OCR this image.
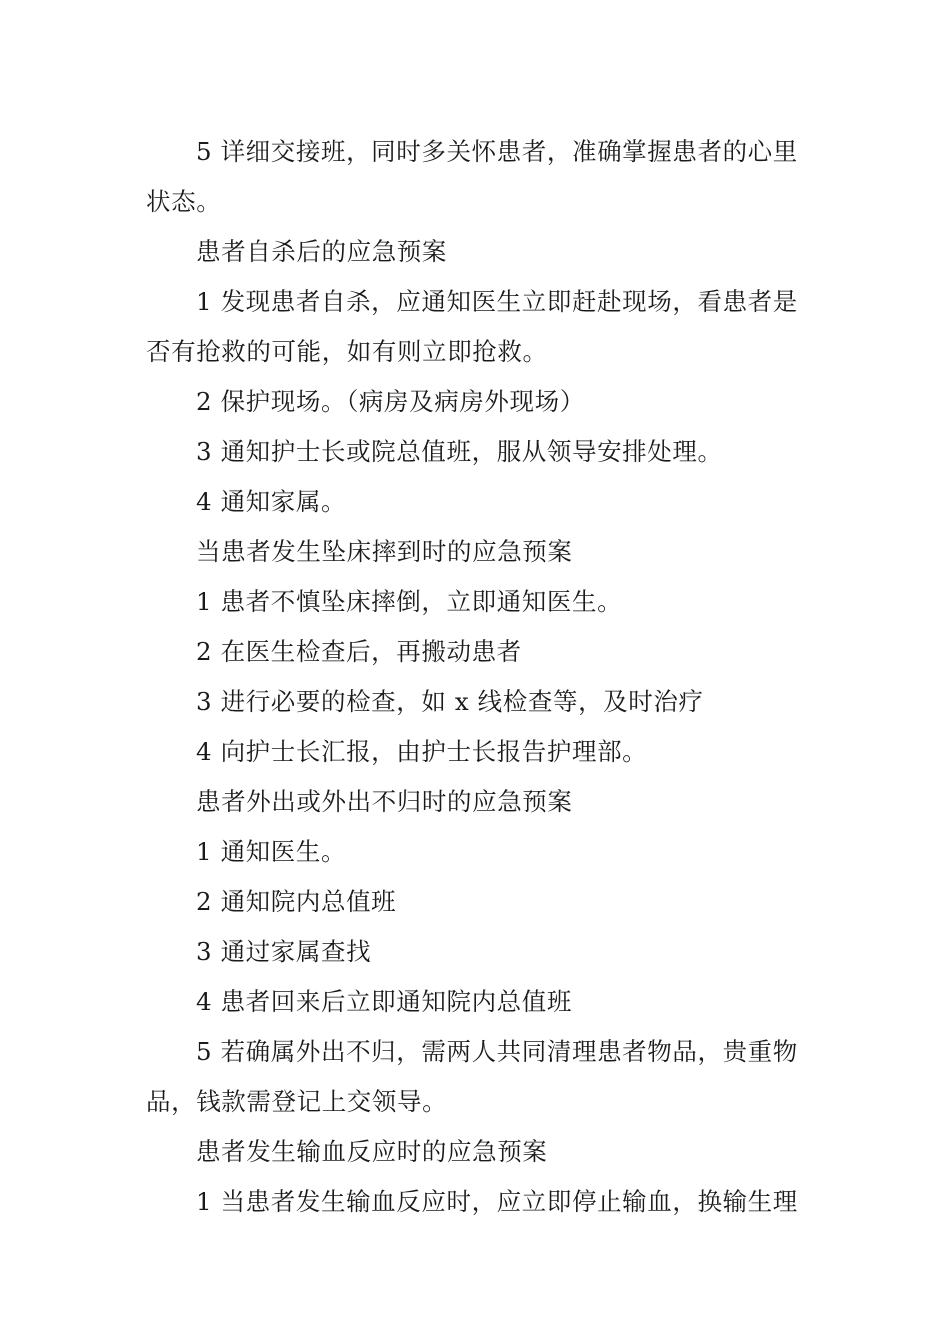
5 详细交接班，同时多关怀患者，准确掌握患者的心里状态。

患者自杀后的应急预案

1 发现患者自杀，应通知医生立即赶赴现场，看患者是否有抢救的可能，如有则立即抢救。

2 保护现场。（病房及病房外现场）

3 通知护士长或院总值班，服从领导安排处理。

4 通知家属。

当患者发生坠床摔到时的应急预案

1 患者不慎坠床摔倒，立即通知医生。

2 在医生检查后，再搬动患者

3 进行必要的检查，如 x 线检查等，及时治疗

4 向护士长汇报，由护士长报告护理部。

患者外出或外出不归时的应急预案

1 通知医生。

2 通知院内总值班

3 通过家属查找

4 患者回来后立即通知院内总值班

5 若确属外出不归，需两人共同清理患者物品，贵重物品，钱款需登记上交领导。

患者发生输血反应时的应急预案

1 当患者发生输血反应时，应立即停止输血，换输生理
